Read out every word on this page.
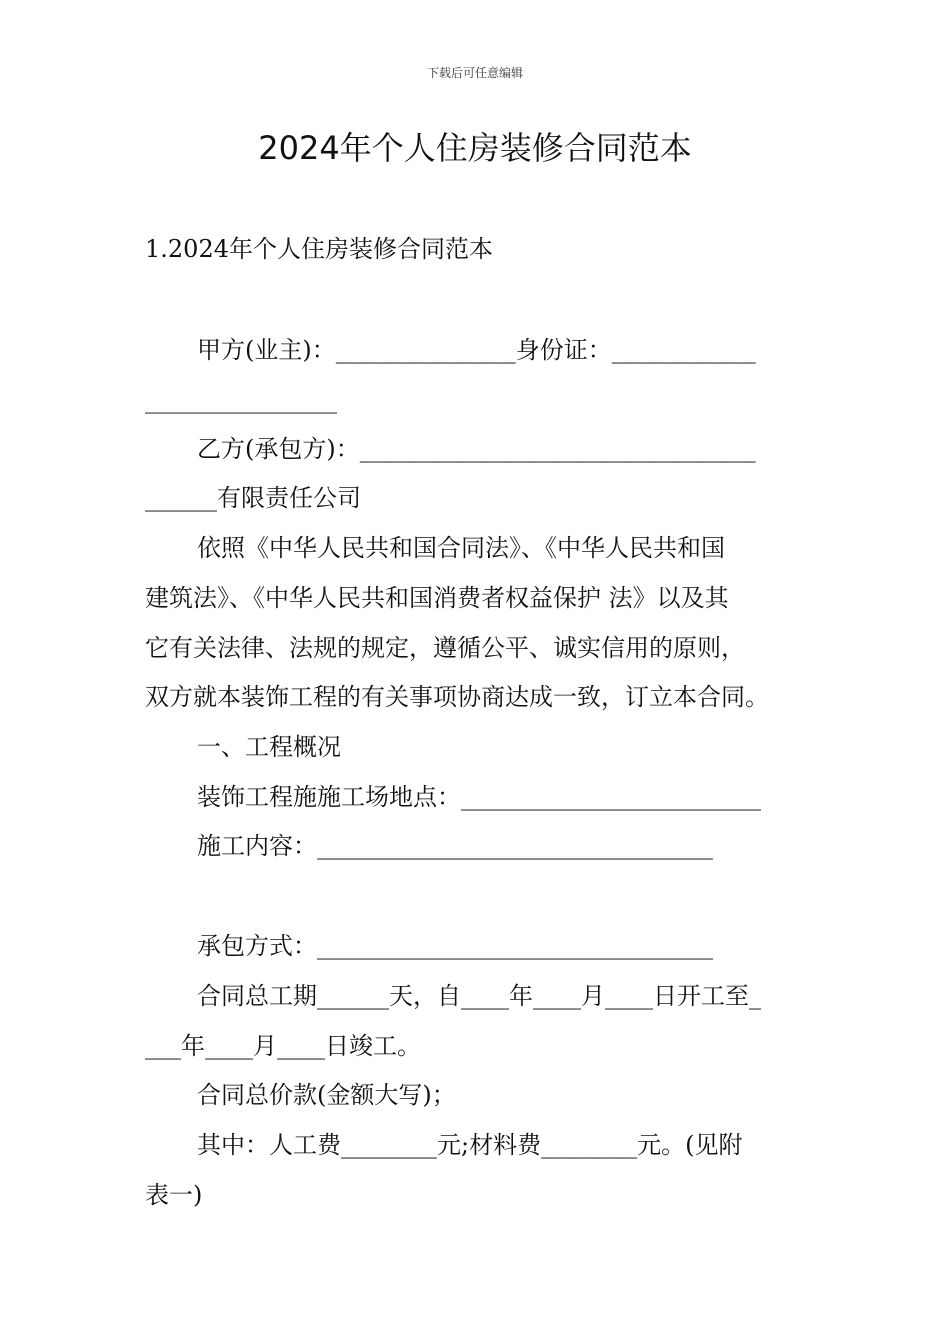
下载后可任意编辑
2024年个人住房装修合同范本
1.2024年个人住房装修合同范本
甲方(业主)：_______________身份证：____________
________________
乙方(承包方)：_________________________________
______有限责任公司
依照《中华人民共和国合同法》、《中华人民共和国
建筑法》、《中华人民共和国消费者权益保护 法》以及其
它有关法律、法规的规定，遵循公平、诚实信用的原则，
双方就本装饰工程的有关事项协商达成一致，订立本合同。
一、工程概况
装饰工程施施工场地点：_________________________
施工内容：_________________________________
承包方式：_________________________________
合同总工期______天，自____年____月____日开工至_
___年____月____日竣工。
合同总价款(金额大写)；
其中：人工费________元;材料费________元。(见附
表一)
